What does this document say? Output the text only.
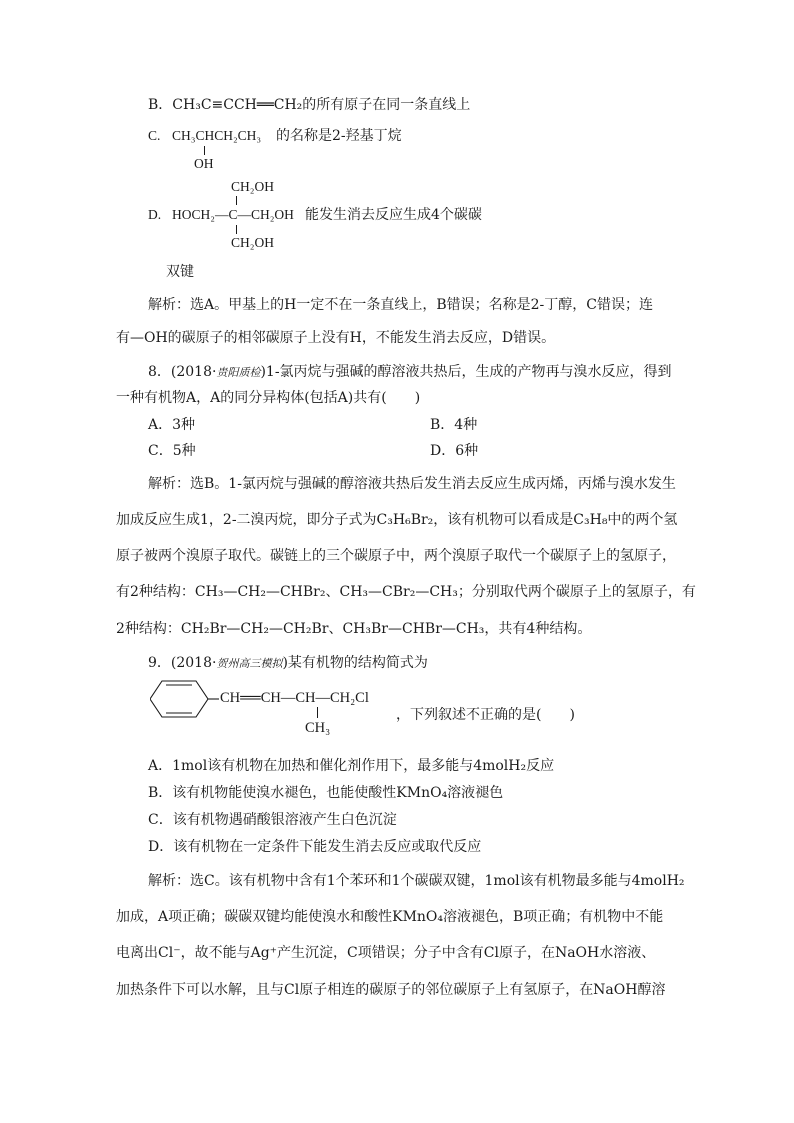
B．CH₃C≡CCH══CH₂的所有原子在同一条直线上
C. CH₃CHCH₂CH₃
OH
的名称是2-羟基丁烷
CH₂OH
D. HOCH₂—C—CH₂OH
CH₂OH
能发生消去反应生成4个碳碳
双键
解析：选A。甲基上的H一定不在一条直线上，B错误；名称是2-丁醇，C错误；连
有—OH的碳原子的相邻碳原子上没有H，不能发生消去反应，D错误。
8．(2018·贵阳质检)1-氯丙烷与强碱的醇溶液共热后，生成的产物再与溴水反应，得到
一种有机物A，A的同分异构体(包括A)共有(　　)
A．3种	B．4种
C．5种	D．6种
解析：选B。1-氯丙烷与强碱的醇溶液共热后发生消去反应生成丙烯，丙烯与溴水发生
加成反应生成1，2-二溴丙烷，即分子式为C₃H₆Br₂，该有机物可以看成是C₃H₈中的两个氢
原子被两个溴原子取代。碳链上的三个碳原子中，两个溴原子取代一个碳原子上的氢原子，
有2种结构：CH₃—CH₂—CHBr₂、CH₃—CBr₂—CH₃；分别取代两个碳原子上的氢原子，有
2种结构：CH₂Br—CH₂—CH₂Br、CH₃Br—CHBr—CH₃，共有4种结构。
9．(2018·贺州高三模拟)某有机物的结构简式为
CH══CH—CH—CH₂Cl
CH₃
，下列叙述不正确的是(　　)
A．1mol该有机物在加热和催化剂作用下，最多能与4molH₂反应
B．该有机物能使溴水褪色，也能使酸性KMnO₄溶液褪色
C．该有机物遇硝酸银溶液产生白色沉淀
D．该有机物在一定条件下能发生消去反应或取代反应
解析：选C。该有机物中含有1个苯环和1个碳碳双键，1mol该有机物最多能与4molH₂
加成，A项正确；碳碳双键均能使溴水和酸性KMnO₄溶液褪色，B项正确；有机物中不能
电离出Cl⁻，故不能与Ag⁺产生沉淀，C项错误；分子中含有Cl原子，在NaOH水溶液、
加热条件下可以水解，且与Cl原子相连的碳原子的邻位碳原子上有氢原子，在NaOH醇溶
